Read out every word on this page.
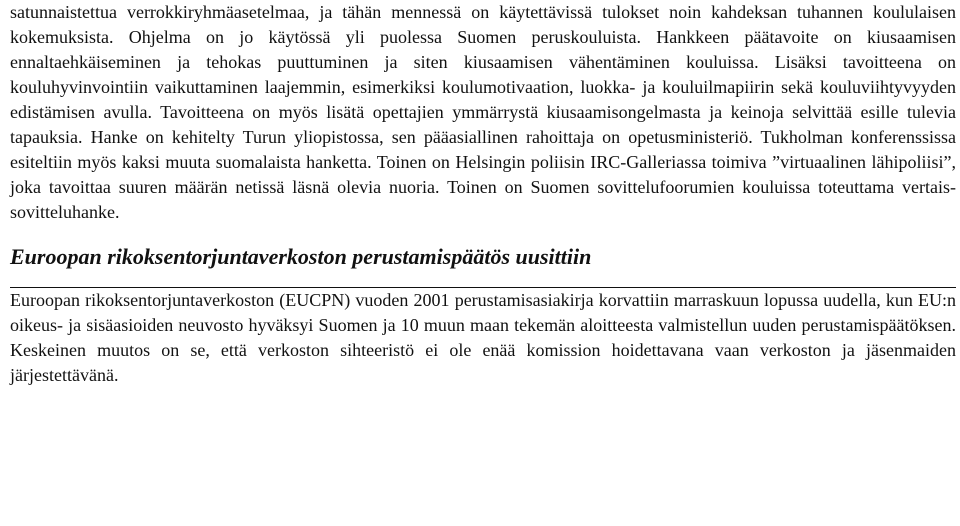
satunnaistettua verrokkiryhmäasetelmaa, ja tähän mennessä on käytettävissä tulokset noin kahdeksan tuhannen koululaisen kokemuksista. Ohjelma on jo käytössä yli puolessa Suomen peruskouluista. Hankkeen päätavoite on kiusaamisen ennaltaehkäiseminen ja tehokas puuttuminen ja siten kiusaamisen vähentäminen kouluissa. Lisäksi tavoitteena on kouluhyvinvointiin vaikuttaminen laajemmin, esimerkiksi koulumotivaation, luokka- ja kouluilmapiirin sekä kouluviihtyvyyden edistämisen avulla. Tavoitteena on myös lisätä opettajien ymmärrystä kiusaamisongelmasta ja keinoja selvittää esille tulevia tapauksia. Hanke on kehitelty Turun yliopistossa, sen pääasiallinen rahoittaja on opetusministeriö. Tukholman konferenssissa esiteltiin myös kaksi muuta suomalaista hanketta. Toinen on Helsingin poliisin IRC-Galleriassa toimiva ”virtuaalinen lähipoliisi”, joka tavoittaa suuren määrän netissä läsnä olevia nuoria. Toinen on Suomen sovittelufoorumien kouluissa toteuttama vertais-sovitteluhanke.

Euroopan rikoksentorjuntaverkoston perustamispäätös uusittiin

Euroopan rikoksentorjuntaverkoston (EUCPN) vuoden 2001 perustamisasiakirja korvattiin marraskuun lopussa uudella, kun EU:n oikeus- ja sisäasioiden neuvosto hyväksyi Suomen ja 10 muun maan tekemän aloitteesta valmistellun uuden perustamispäätöksen. Keskeinen muutos on se, että verkoston sihteeristö ei ole enää komission hoidettavana vaan verkoston ja jäsenmaiden järjestettävänä.
